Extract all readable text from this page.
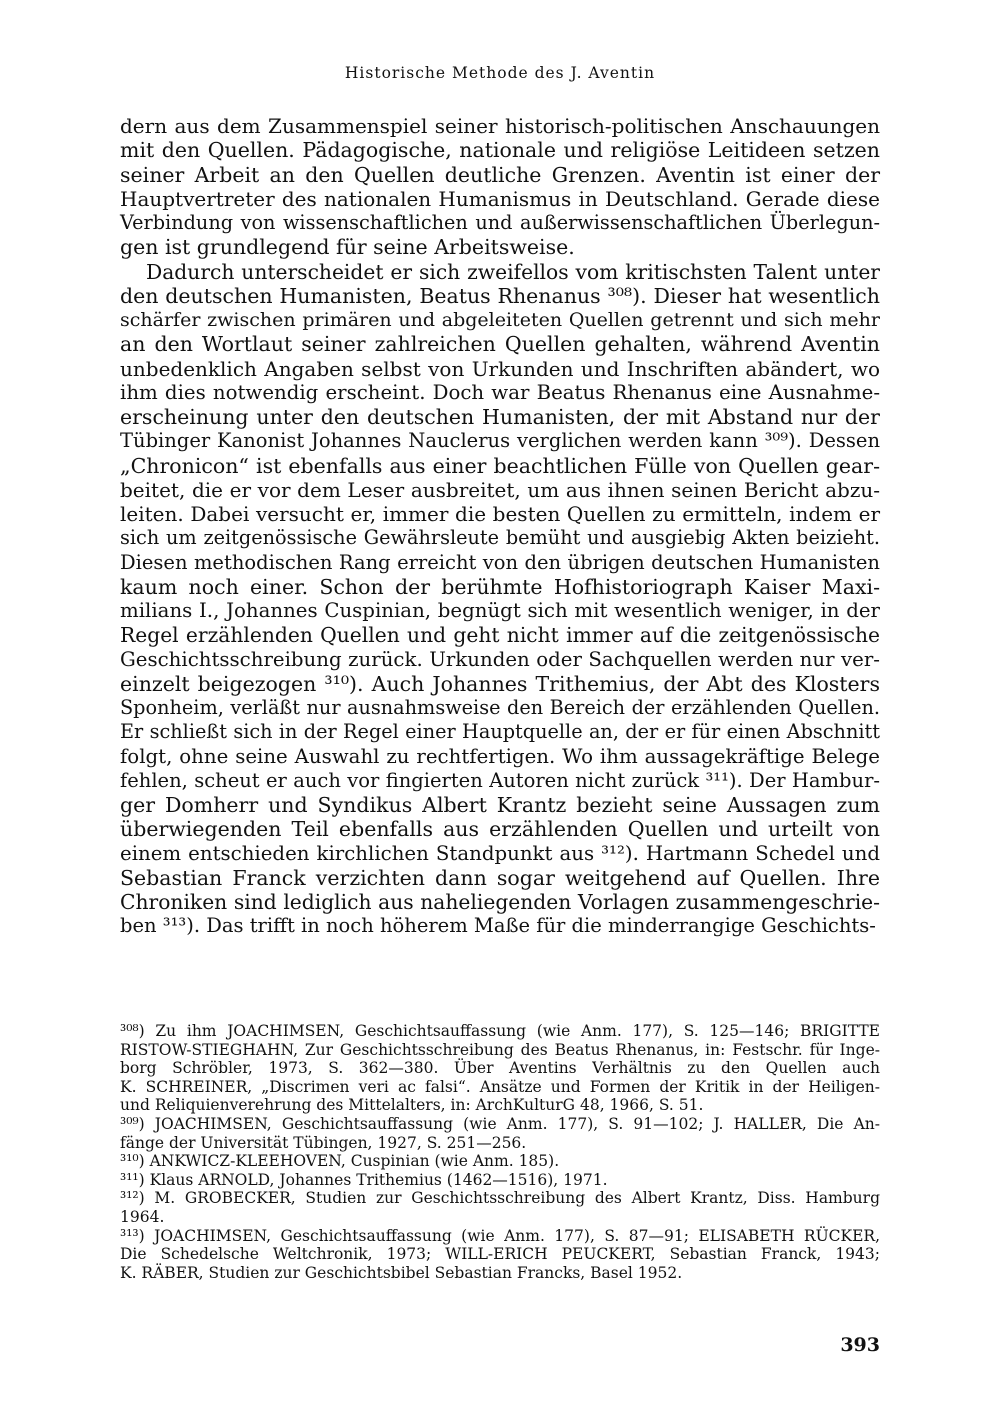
Historische Methode des J. Aventin
dern aus dem Zusammenspiel seiner historisch-politischen Anschauungen
mit den Quellen. Pädagogische, nationale und religiöse Leitideen setzen
seiner Arbeit an den Quellen deutliche Grenzen. Aventin ist einer der
Hauptvertreter des nationalen Humanismus in Deutschland. Gerade diese
Verbindung von wissenschaftlichen und außerwissenschaftlichen Überlegun-
gen ist grundlegend für seine Arbeitsweise.
Dadurch unterscheidet er sich zweifellos vom kritischsten Talent unter
den deutschen Humanisten, Beatus Rhenanus ³⁰⁸). Dieser hat wesentlich
schärfer zwischen primären und abgeleiteten Quellen getrennt und sich mehr
an den Wortlaut seiner zahlreichen Quellen gehalten, während Aventin
unbedenklich Angaben selbst von Urkunden und Inschriften abändert, wo
ihm dies notwendig erscheint. Doch war Beatus Rhenanus eine Ausnahme-
erscheinung unter den deutschen Humanisten, der mit Abstand nur der
Tübinger Kanonist Johannes Nauclerus verglichen werden kann ³⁰⁹). Dessen
„Chronicon“ ist ebenfalls aus einer beachtlichen Fülle von Quellen gear-
beitet, die er vor dem Leser ausbreitet, um aus ihnen seinen Bericht abzu-
leiten. Dabei versucht er, immer die besten Quellen zu ermitteln, indem er
sich um zeitgenössische Gewährsleute bemüht und ausgiebig Akten beizieht.
Diesen methodischen Rang erreicht von den übrigen deutschen Humanisten
kaum noch einer. Schon der berühmte Hofhistoriograph Kaiser Maxi-
milians I., Johannes Cuspinian, begnügt sich mit wesentlich weniger, in der
Regel erzählenden Quellen und geht nicht immer auf die zeitgenössische
Geschichtsschreibung zurück. Urkunden oder Sachquellen werden nur ver-
einzelt beigezogen ³¹⁰). Auch Johannes Trithemius, der Abt des Klosters
Sponheim, verläßt nur ausnahmsweise den Bereich der erzählenden Quellen.
Er schließt sich in der Regel einer Hauptquelle an, der er für einen Abschnitt
folgt, ohne seine Auswahl zu rechtfertigen. Wo ihm aussagekräftige Belege
fehlen, scheut er auch vor fingierten Autoren nicht zurück ³¹¹). Der Hambur-
ger Domherr und Syndikus Albert Krantz bezieht seine Aussagen zum
überwiegenden Teil ebenfalls aus erzählenden Quellen und urteilt von
einem entschieden kirchlichen Standpunkt aus ³¹²). Hartmann Schedel und
Sebastian Franck verzichten dann sogar weitgehend auf Quellen. Ihre
Chroniken sind lediglich aus naheliegenden Vorlagen zusammengeschrie-
ben ³¹³). Das trifft in noch höherem Maße für die minderrangige Geschichts-
³⁰⁸) Zu ihm JOACHIMSEN, Geschichtsauffassung (wie Anm. 177), S. 125—146; BRIGITTE
RISTOW-STIEGHAHN, Zur Geschichtsschreibung des Beatus Rhenanus, in: Festschr. für Inge-
borg Schröbler, 1973, S. 362—380. Über Aventins Verhältnis zu den Quellen auch
K. SCHREINER, „Discrimen veri ac falsi“. Ansätze und Formen der Kritik in der Heiligen-
und Reliquienverehrung des Mittelalters, in: ArchKulturG 48, 1966, S. 51.
³⁰⁹) JOACHIMSEN, Geschichtsauffassung (wie Anm. 177), S. 91—102; J. HALLER, Die An-
fänge der Universität Tübingen, 1927, S. 251—256.
³¹⁰) ANKWICZ-KLEEHOVEN, Cuspinian (wie Anm. 185).
³¹¹) Klaus ARNOLD, Johannes Trithemius (1462—1516), 1971.
³¹²) M. GROBECKER, Studien zur Geschichtsschreibung des Albert Krantz, Diss. Hamburg
1964.
³¹³) JOACHIMSEN, Geschichtsauffassung (wie Anm. 177), S. 87—91; ELISABETH RÜCKER,
Die Schedelsche Weltchronik, 1973; WILL-ERICH PEUCKERT, Sebastian Franck, 1943;
K. RÄBER, Studien zur Geschichtsbibel Sebastian Francks, Basel 1952.
393
